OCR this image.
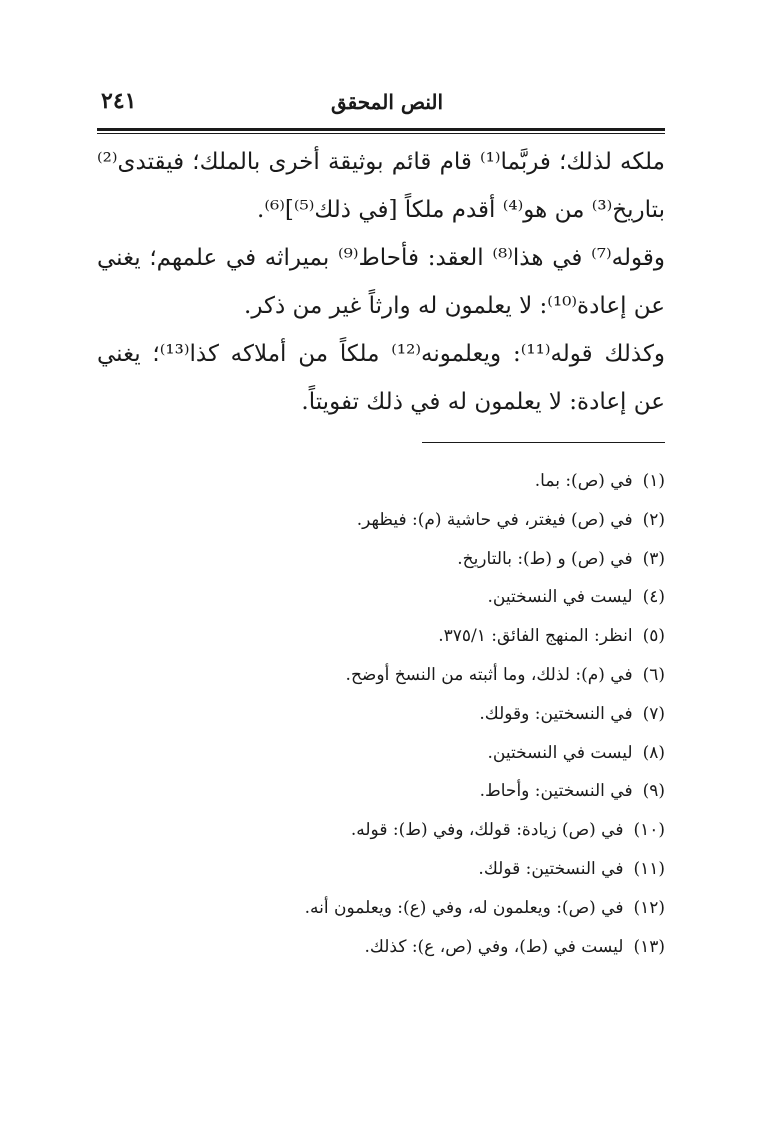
٢٤١	النص المحقق

ملكه لذلك؛ فربَّما⁽¹⁾ قام قائم بوثيقة أخرى بالملك؛ فيقتدى⁽²⁾ بتاريخ⁽³⁾ من هو⁽⁴⁾ أقدم ملكاً [في ذلك⁽⁵⁾]⁽⁶⁾.

وقوله⁽⁷⁾ في هذا⁽⁸⁾ العقد: فأحاط⁽⁹⁾ بميراثه في علمهم؛ يغني عن إعادة⁽¹⁰⁾: لا يعلمون له وارثاً غير من ذكر.

وكذلك قوله⁽¹¹⁾: ويعلمونه⁽¹²⁾ ملكاً من أملاكه كذا⁽¹³⁾؛ يغني عن إعادة: لا يعلمون له في ذلك تفويتاً.

(١)في (ص): بما.
(٢)في (ص) فيغتر، في حاشية (م): فيظهر.
(٣)في (ص) و (ط): بالتاريخ.
(٤)ليست في النسختين.
(٥)انظر: المنهج الفائق: ٣٧٥/١.
(٦)في (م): لذلك، وما أثبته من النسخ أوضح.
(٧)في النسختين: وقولك.
(٨)ليست في النسختين.
(٩)في النسختين: وأحاط.
(١٠)في (ص) زيادة: قولك، وفي (ط): قوله.
(١١)في النسختين: قولك.
(١٢)في (ص): ويعلمون له، وفي (ع): ويعلمون أنه.
(١٣)ليست في (ط)، وفي (ص، ع): كذلك.
